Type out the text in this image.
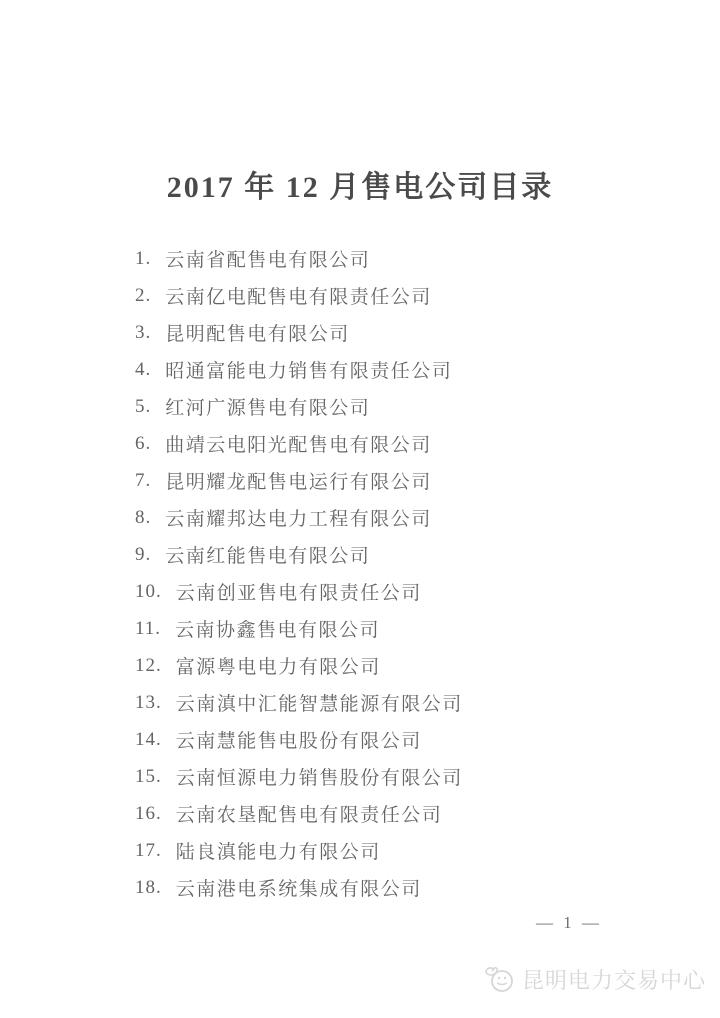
2017 年 12 月售电公司目录
1. 云南省配售电有限公司
2. 云南亿电配售电有限责任公司
3. 昆明配售电有限公司
4. 昭通富能电力销售有限责任公司
5. 红河广源售电有限公司
6. 曲靖云电阳光配售电有限公司
7. 昆明耀龙配售电运行有限公司
8. 云南耀邦达电力工程有限公司
9. 云南红能售电有限公司
10. 云南创亚售电有限责任公司
11. 云南协鑫售电有限公司
12. 富源粤电电力有限公司
13. 云南滇中汇能智慧能源有限公司
14. 云南慧能售电股份有限公司
15. 云南恒源电力销售股份有限公司
16. 云南农垦配售电有限责任公司
17. 陆良滇能电力有限公司
18. 云南港电系统集成有限公司
— 1 —
昆明电力交易中心
